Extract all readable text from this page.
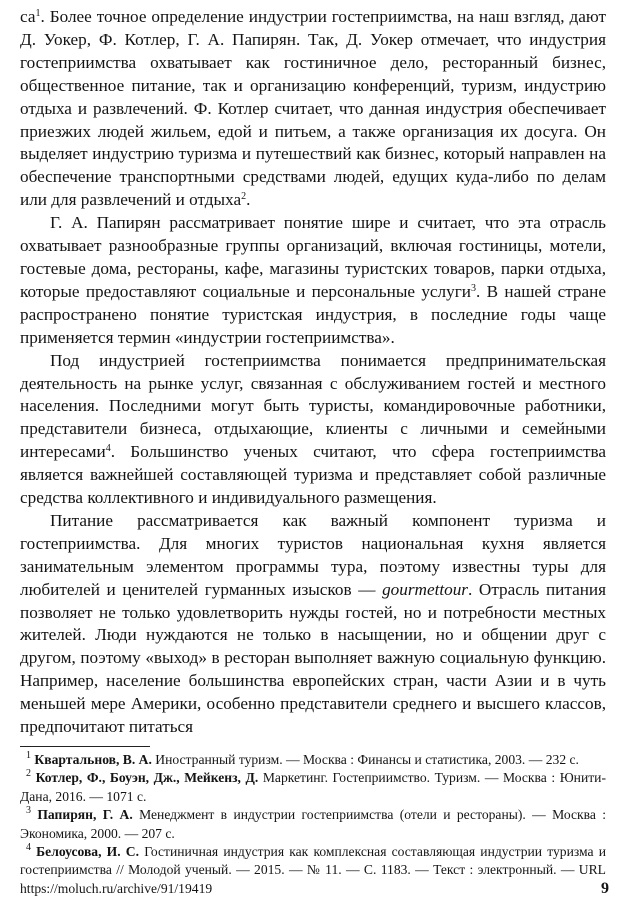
$са^1$. Более точное определение индустрии гостеприимства, на наш взгляд, дают Д. Уокер, Ф. Котлер, Г. А. Папирян. Так, Д. Уокер отмечает, что индустрия гостеприимства охватывает как гостиничное дело, ресторанный бизнес, общественное питание, так и организацию конференций, туризм, индустрию отдыха и развлечений. Ф. Котлер считает, что данная индустрия обеспечивает приезжих людей жильем, едой и питьем, а также организация их досуга. Он выделяет индустрию туризма и путешествий как бизнес, который направлен на обеспечение транспортными средствами людей, едущих куда-либо по делам или для развлечений и отдыха$^2$.

Г. А. Папирян рассматривает понятие шире и считает, что эта отрасль охватывает разнообразные группы организаций, включая гостиницы, мотели, гостевые дома, рестораны, кафе, магазины туристских товаров, парки отдыха, которые предоставляют социальные и персональные услуги$^3$. В нашей стране распространено понятие туристская индустрия, в последние годы чаще применяется термин «индустрии гостеприимства».

Под индустрией гостеприимства понимается предпринимательская деятельность на рынке услуг, связанная с обслуживанием гостей и местного населения. Последними могут быть туристы, командировочные работники, представители бизнеса, отдыхающие, клиенты с личными и семейными интересами$^4$. Большинство ученых считают, что сфера гостеприимства является важнейшей составляющей туризма и представляет собой различные средства коллективного и индивидуального размещения.

Питание рассматривается как важный компонент туризма и гостеприимства. Для многих туристов национальная кухня является занимательным элементом программы тура, поэтому известны туры для любителей и ценителей гурманных изысков — gourmettour. Отрасль питания позволяет не только удовлетворить нужды гостей, но и потребности местных жителей. Люди нуждаются не только в насыщении, но и общении друг с другом, поэтому «выход» в ресторан выполняет важную социальную функцию. Например, население большинства европейских стран, части Азии и в чуть меньшей мере Америки, особенно представители среднего и высшего классов, предпочитают питаться

$^1$ Квартальнов, В. А. Иностранный туризм. — Москва : Финансы и статистика, 2003. — 232 с.

$^2$ Котлер, Ф., Боуэн, Дж., Мейкенз, Д. Маркетинг. Гостеприимство. Туризм. — Москва : Юнити-Дана, 2016. — 1071 с.

$^3$ Папирян, Г. А. Менеджмент в индустрии гостеприимства (отели и рестораны). — Москва : Экономика, 2000. — 207 с.

$^4$ Белоусова, И. С. Гостиничная индустрия как комплексная составляющая индустрии туризма и гостеприимства // Молодой ученый. — 2015. — № 11. — С. 1183. — Текст : электронный. — URL https://moluch.ru/archive/91/19419	9
